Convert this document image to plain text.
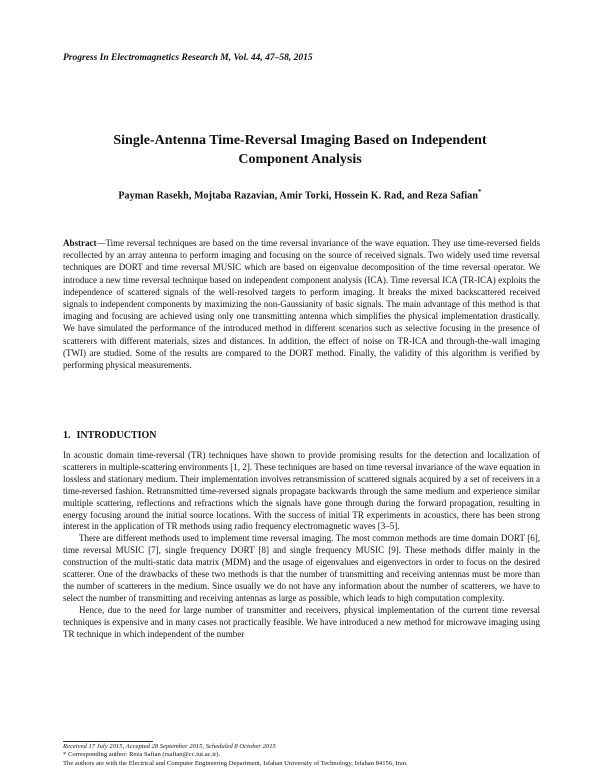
Progress In Electromagnetics Research M, Vol. 44, 47–58, 2015
Single-Antenna Time-Reversal Imaging Based on Independent
Component Analysis
Payman Rasekh, Mojtaba Razavian, Amir Torki, Hossein K. Rad, and Reza Safian*
Abstract—Time reversal techniques are based on the time reversal invariance of the wave equation. They use time-reversed fields recollected by an array antenna to perform imaging and focusing on the source of received signals. Two widely used time reversal techniques are DORT and time reversal MUSIC which are based on eigenvalue decomposition of the time reversal operator. We introduce a new time reversal technique based on independent component analysis (ICA). Time reversal ICA (TR-ICA) exploits the independence of scattered signals of the well-resolved targets to perform imaging. It breaks the mixed backscattered received signals to independent components by maximizing the non-Gaussianity of basic signals. The main advantage of this method is that imaging and focusing are achieved using only one transmitting antenna which simplifies the physical implementation drastically. We have simulated the performance of the introduced method in different scenarios such as selective focusing in the presence of scatterers with different materials, sizes and distances. In addition, the effect of noise on TR-ICA and through-the-wall imaging (TWI) are studied. Some of the results are compared to the DORT method. Finally, the validity of this algorithm is verified by performing physical measurements.
1. INTRODUCTION

In acoustic domain time-reversal (TR) techniques have shown to provide promising results for the detection and localization of scatterers in multiple-scattering environments [1, 2]. These techniques are based on time reversal invariance of the wave equation in lossless and stationary medium. Their implementation involves retransmission of scattered signals acquired by a set of receivers in a time-reversed fashion. Retransmitted time-reversed signals propagate backwards through the same medium and experience similar multiple scattering, reflections and refractions which the signals have gone through during the forward propagation, resulting in energy focusing around the initial source locations. With the success of initial TR experiments in acoustics, there has been strong interest in the application of TR methods using radio frequency electromagnetic waves [3–5].

There are different methods used to implement time reversal imaging. The most common methods are time domain DORT [6], time reversal MUSIC [7], single frequency DORT [8] and single frequency MUSIC [9]. These methods differ mainly in the construction of the multi-static data matrix (MDM) and the usage of eigenvalues and eigenvectors in order to focus on the desired scatterer. One of the drawbacks of these two methods is that the number of transmitting and receiving antennas must be more than the number of scatterers in the medium. Since usually we do not have any information about the number of scatterers, we have to select the number of transmitting and receiving antennas as large as possible, which leads to high computation complexity.

Hence, due to the need for large number of transmitter and receivers, physical implementation of the current time reversal techniques is expensive and in many cases not practically feasible. We have introduced a new method for microwave imaging using TR technique in which independent of the number

Received 17 July 2015, Accepted 28 September 2015, Scheduled 8 October 2015
* Corresponding author: Reza Safian (rsafian@cc.iut.ac.ir).
The authors are with the Electrical and Computer Engineering Department, Isfahan University of Technology, Isfahan 84156, Iran.
